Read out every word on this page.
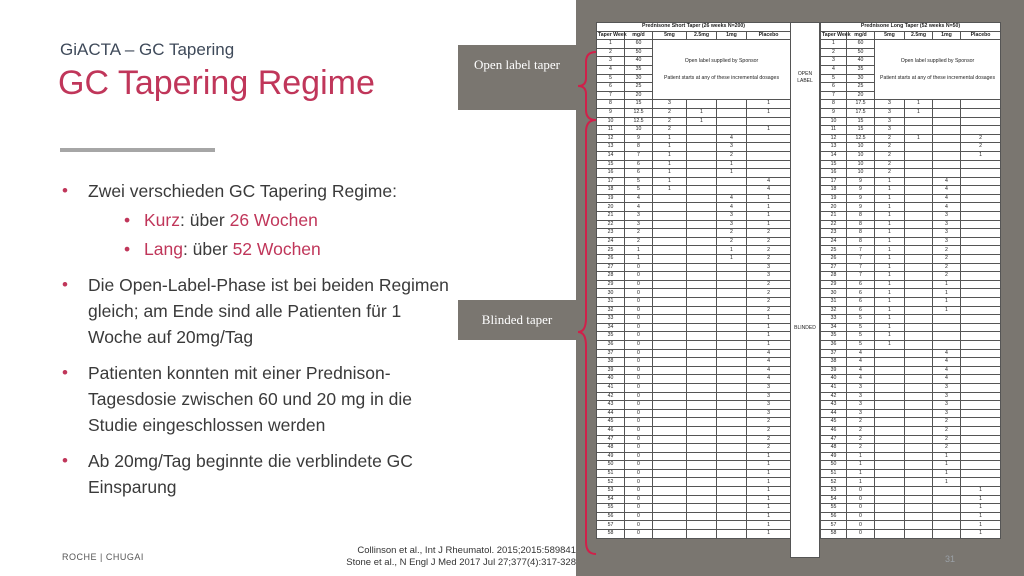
GiACTA – GC Tapering
GC Tapering Regime
• Zwei verschieden GC Tapering Regime:
• Kurz: über 26 Wochen
• Lang: über 52 Wochen
• Die Open-Label-Phase ist bei beiden Regimen gleich; am Ende sind alle Patienten für 1 Woche auf 20mg/Tag
• Patienten konnten mit einer Prednison-Tagesdosie zwischen 60 und 20 mg in die Studie eingeschlossen werden
• Ab 20mg/Tag beginnte die verblindete GC Einsparung
Open label taper
Blinded taper
Prednisone Short Taper (26 weeks N=200)					
Taper Week	mg/d	5mg	2.5mg	1mg	Placebo
1	60	Open label supplied by Sponsor
Patient starts at any of these incremental dosages			

2	50				
3	40				
4	35				
5	30				
6	25				
7	20				
8	15	3			1
9	12.5	2	1		1
10	12.5	2	1		
11	10	2			1
12	9	1		4	
13	8	1		3	
14	7	1		2	
15	6	1		1	
16	6	1		1	
17	5	1			4
18	5	1			4
19	4			4	1
20	4			4	1
21	3			3	1
22	3			3	1
23	2			2	2
24	2			2	2
25	1			1	2
26	1			1	2
27	0				3
28	0				3
29	0				2
30	0				2
31	0				2
32	0				2
33	0				1
34	0				1
35	0				1
36	0				1
37	0				4
38	0				4
39	0				4
40	0				4
41	0				3
42	0				3
43	0				3
44	0				3
45	0				2
46	0				2
47	0				2
48	0				2
49	0				1
50	0				1
51	0				1
52	0				1
53	0				1
54	0				1
55	0				1
56	0				1
57	0				1
58	0				1
OPEN
LABEL
BLINDED
Prednisone Long Taper (52 weeks N=50)					
Taper Week	mg/d	5mg	2.5mg	1mg	Placebo
1	60	Open label supplied by Sponsor
Patient starts at any of these incremental dosages			

2	50				
3	40				
4	35				
5	30				
6	25				
7	20				
8	17.5	3	1		
9	17.5	3	1		
10	15	3			
11	15	3			
12	12.5	2	1		2
13	10	2			2
14	10	2			1
15	10	2			
16	10	2			
17	9	1		4	
18	9	1		4	
19	9	1		4	
20	9	1		4	
21	8	1		3	
22	8	1		3	
23	8	1		3	
24	8	1		3	
25	7	1		2	
26	7	1		2	
27	7	1		2	
28	7	1		2	
29	6	1		1	
30	6	1		1	
31	6	1		1	
32	6	1		1	
33	5	1			
34	5	1			
35	5	1			
36	5	1			
37	4			4	
38	4			4	
39	4			4	
40	4			4	
41	3			3	
42	3			3	
43	3			3	
44	3			3	
45	2			2	
46	2			2	
47	2			2	
48	2			2	
49	1			1	
50	1			1	
51	1			1	
52	1			1	
53	0				1
54	0				1
55	0				1
56	0				1
57	0				1
58	0				1
ROCHE | CHUGAI
Collinson et al., Int J Rheumatol. 2015;2015:589841
Stone et al., N Engl J Med 2017 Jul 27;377(4):317-328	31
